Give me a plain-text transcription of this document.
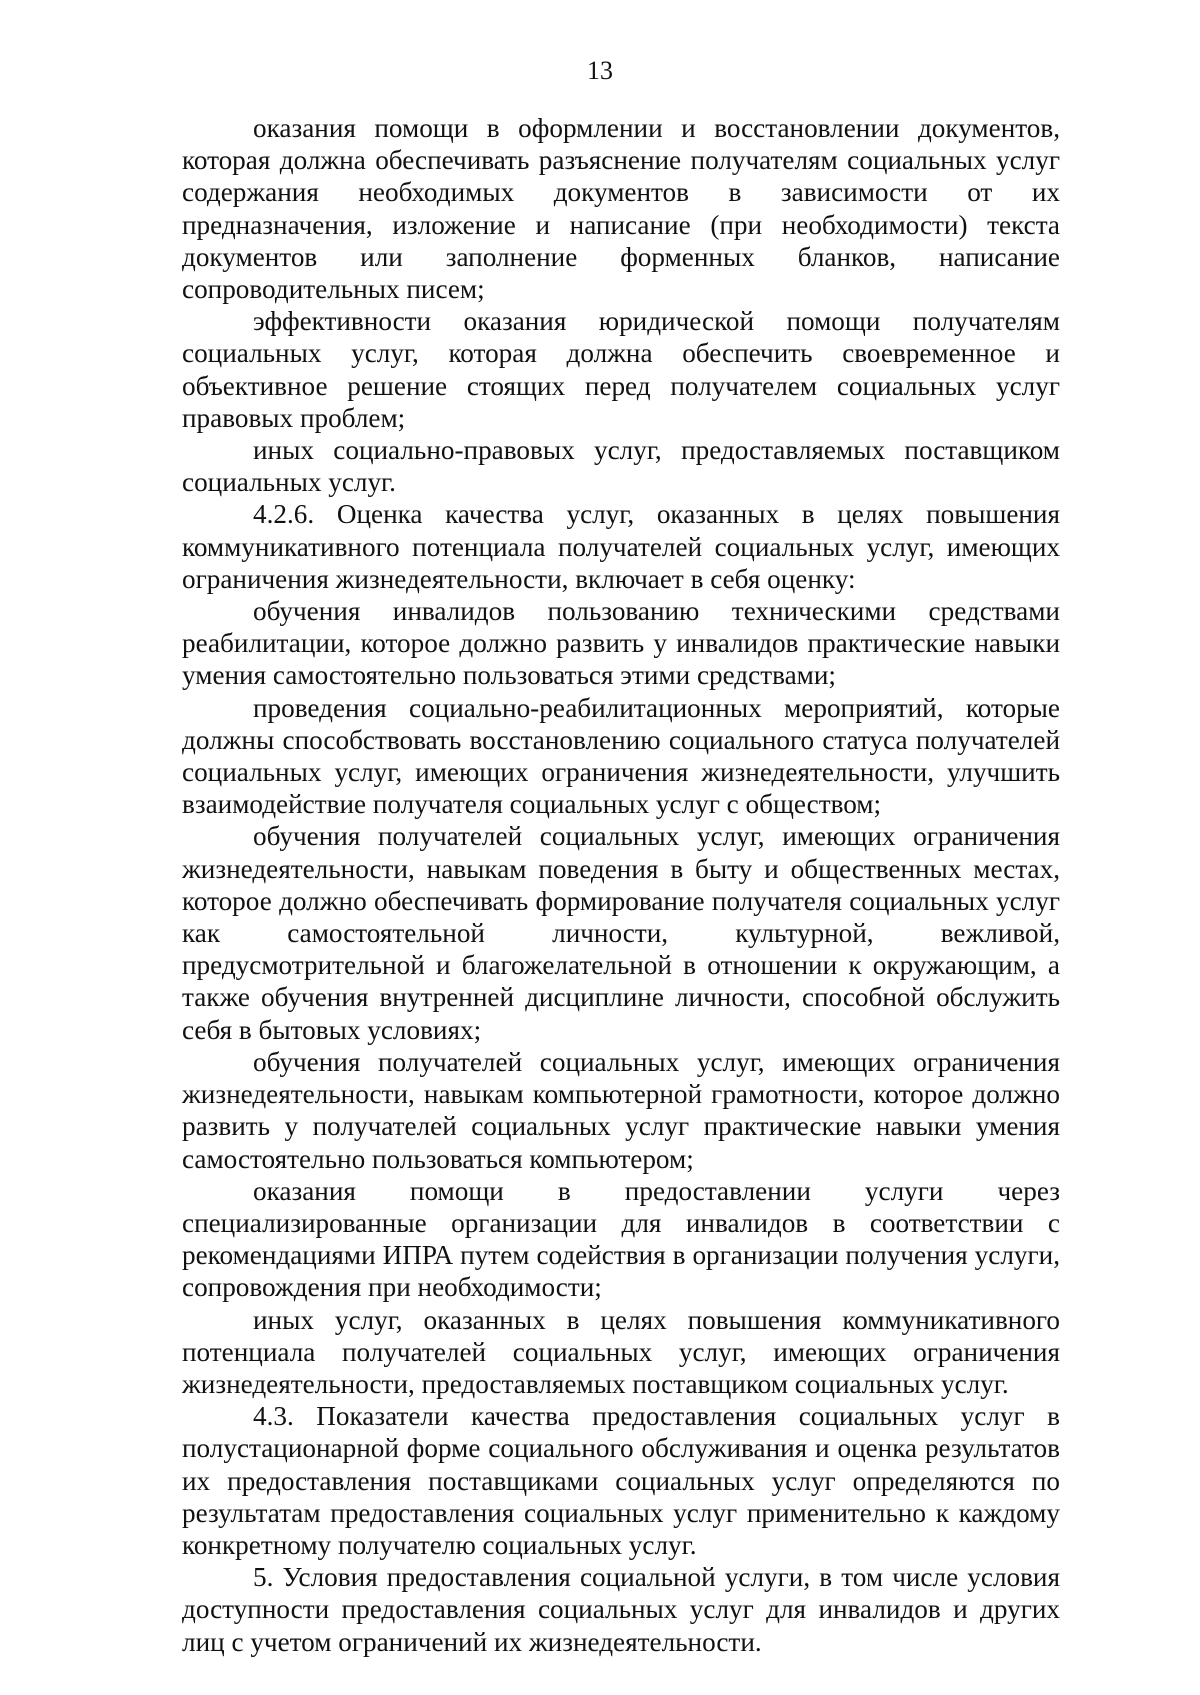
13

оказания помощи в оформлении и восстановлении документов, которая должна обеспечивать разъяснение получателям социальных услуг содержания необходимых документов в зависимости от их предназначения, изложение и написание (при необходимости) текста документов или заполнение форменных бланков, написание сопроводительных писем;

эффективности оказания юридической помощи получателям социальных услуг, которая должна обеспечить своевременное и объективное решение стоящих перед получателем социальных услуг правовых проблем;

иных социально-правовых услуг, предоставляемых поставщиком социальных услуг.

4.2.6. Оценка качества услуг, оказанных в целях повышения коммуникативного потенциала получателей социальных услуг, имеющих ограничения жизнедеятельности, включает в себя оценку:

обучения инвалидов пользованию техническими средствами реабилитации, которое должно развить у инвалидов практические навыки умения самостоятельно пользоваться этими средствами;

проведения социально-реабилитационных мероприятий, которые должны способствовать восстановлению социального статуса получателей социальных услуг, имеющих ограничения жизнедеятельности, улучшить взаимодействие получателя социальных услуг с обществом;

обучения получателей социальных услуг, имеющих ограничения жизнедеятельности, навыкам поведения в быту и общественных местах, которое должно обеспечивать формирование получателя социальных услуг как самостоятельной личности, культурной, вежливой, предусмотрительной и благожелательной в отношении к окружающим, а также обучения внутренней дисциплине личности, способной обслужить себя в бытовых условиях;

обучения получателей социальных услуг, имеющих ограничения жизнедеятельности, навыкам компьютерной грамотности, которое должно развить у получателей социальных услуг практические навыки умения самостоятельно пользоваться компьютером;

оказания помощи в предоставлении услуги через специализированные организации для инвалидов в соответствии с рекомендациями ИПРА путем содействия в организации получения услуги, сопровождения при необходимости;

иных услуг, оказанных в целях повышения коммуникативного потенциала получателей социальных услуг, имеющих ограничения жизнедеятельности, предоставляемых поставщиком социальных услуг.

4.3. Показатели качества предоставления социальных услуг в полустационарной форме социального обслуживания и оценка результатов их предоставления поставщиками социальных услуг определяются по результатам предоставления социальных услуг применительно к каждому конкретному получателю социальных услуг.

5. Условия предоставления социальной услуги, в том числе условия доступности предоставления социальных услуг для инвалидов и других лиц с учетом ограничений их жизнедеятельности.
